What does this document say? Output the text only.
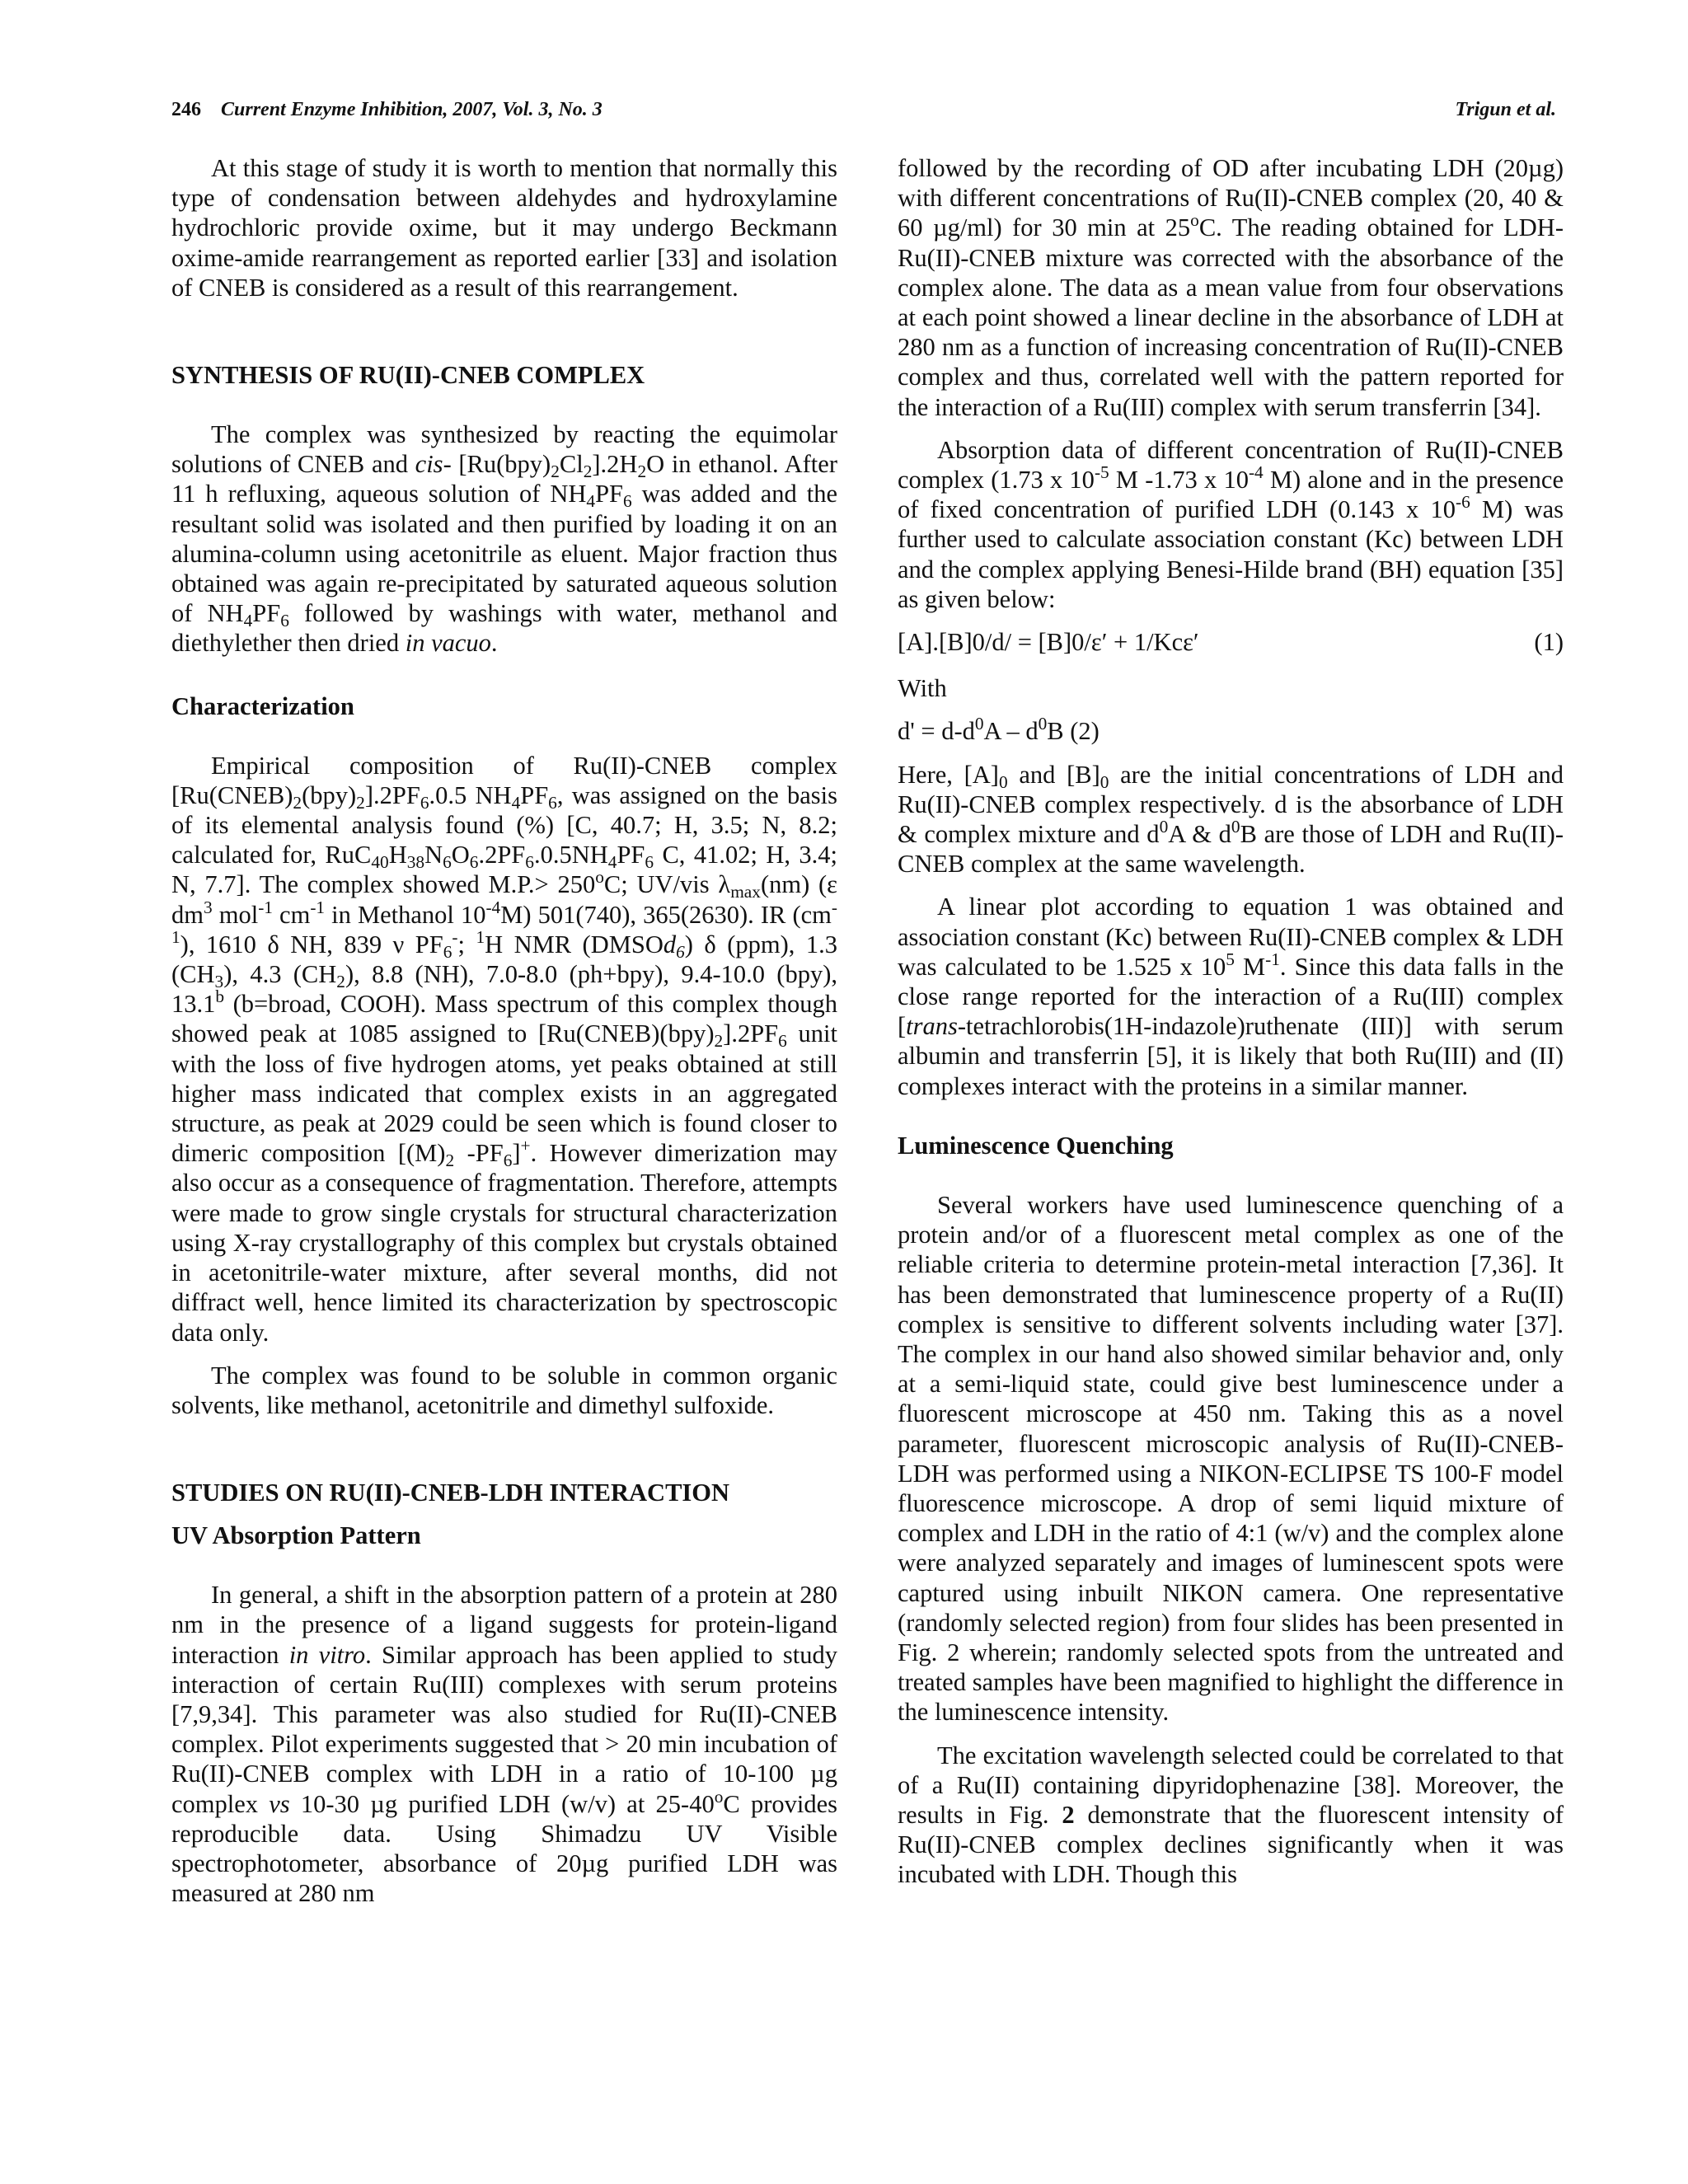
246 Current Enzyme Inhibition, 2007, Vol. 3, No. 3	Trigun et al.

At this stage of study it is worth to mention that normally this type of condensation between aldehydes and hydroxylamine hydrochloric provide oxime, but it may undergo Beckmann oxime-amide rearrangement as reported earlier [33] and isolation of CNEB is considered as a result of this rearrangement.

SYNTHESIS OF RU(II)-CNEB COMPLEX

The complex was synthesized by reacting the equimolar solutions of CNEB and cis- $[Ru(bpy)_2Cl_2].2H_2O$ in ethanol. After 11 h refluxing, aqueous solution of $NH_4PF_6$ was added and the resultant solid was isolated and then purified by loading it on an alumina-column using acetonitrile as eluent. Major fraction thus obtained was again re-precipitated by saturated aqueous solution of $NH_4PF_6$ followed by washings with water, methanol and diethylether then dried in vacuo.

Characterization

Empirical composition of Ru(II)-CNEB complex $[Ru(CNEB)_2(bpy)_2].2PF_6.0.5$ $NH_4PF_6$, was assigned on the basis of its elemental analysis found (%) [C, 40.7; H, 3.5; N, 8.2; calculated for, $RuC_{40}H_{38}N_6O_6.2PF_6.0.5NH_4PF_6$ C, 41.02; H, 3.4; N, 7.7]. The complex showed $M.P.> 250^oC$; UV/vis $\lambda_{max}(nm)$ (ε $dm^3$ mol$^{-1}$ $cm^{-1}$ in Methanol $10^{-4}M$) 501(740), 365(2630). IR $(cm^{-1})$, 1610 δ NH, 839 ν $PF_6^-$; $^1$H NMR (DMSOd$_6$) δ (ppm), 1.3 $(CH_3)$, 4.3 $(CH_2)$, 8.8 (NH), 7.0-8.0 (ph+bpy), 9.4-10.0 (bpy), 13.1$^b$ (b=broad, COOH). Mass spectrum of this complex though showed peak at 1085 assigned to $[Ru(CNEB)(bpy)_2].2PF_6$ unit with the loss of five hydrogen atoms, yet peaks obtained at still higher mass indicated that complex exists in an aggregated structure, as peak at 2029 could be seen which is found closer to dimeric composition [$(M)_2$ $-PF_6]^+$. However dimerization may also occur as a consequence of fragmentation. Therefore, attempts were made to grow single crystals for structural characterization using X-ray crystallography of this complex but crystals obtained in acetonitrile-water mixture, after several months, did not diffract well, hence limited its characterization by spectroscopic data only.

The complex was found to be soluble in common organic solvents, like methanol, acetonitrile and dimethyl sulfoxide.

STUDIES ON RU(II)-CNEB-LDH INTERACTION
UV Absorption Pattern

In general, a shift in the absorption pattern of a protein at 280 nm in the presence of a ligand suggests for protein-ligand interaction in vitro. Similar approach has been applied to study interaction of certain Ru(III) complexes with serum proteins [7,9,34]. This parameter was also studied for Ru(II)-CNEB complex. Pilot experiments suggested that > 20 min incubation of Ru(II)-CNEB complex with LDH in a ratio of 10-100 µg complex vs 10-30 µg purified LDH (w/v) at 25-40$^o$C provides reproducible data. Using Shimadzu UV Visible spectrophotometer, absorbance of 20µg purified LDH was measured at 280 nm

followed by the recording of OD after incubating LDH (20µg) with different concentrations of Ru(II)-CNEB complex (20, 40 & 60 µg/ml) for 30 min at 25$^o$C. The reading obtained for LDH-Ru(II)-CNEB mixture was corrected with the absorbance of the complex alone. The data as a mean value from four observations at each point showed a linear decline in the absorbance of LDH at 280 nm as a function of increasing concentration of Ru(II)-CNEB complex and thus, correlated well with the pattern reported for the interaction of a Ru(III) complex with serum transferrin [34].

Absorption data of different concentration of Ru(II)-CNEB complex (1.73 x $10^{-5}$ M -1.73 x $10^{-4}$ M) alone and in the presence of fixed concentration of purified LDH (0.143 x $10^{-6}$ M) was further used to calculate association constant (Kc) between LDH and the complex applying Benesi-Hilde brand (BH) equation [35] as given below:

[A].[B]0/d/ = [B]0/ε′ + 1/Kcε′	(1)

With

$d' = d-d^0A - d^0B$ (2)

Here, $[A]_0$ and $[B]_0$ are the initial concentrations of LDH and Ru(II)-CNEB complex respectively. d is the absorbance of LDH & complex mixture and $d^0A$ & $d^0B$ are those of LDH and Ru(II)-CNEB complex at the same wavelength.

A linear plot according to equation 1 was obtained and association constant (Kc) between Ru(II)-CNEB complex & LDH was calculated to be 1.525 x $10^5$ $M^{-1}$. Since this data falls in the close range reported for the interaction of a Ru(III) complex [trans-tetrachlorobis(1H-indazole)ruthenate (III)] with serum albumin and transferrin [5], it is likely that both Ru(III) and (II) complexes interact with the proteins in a similar manner.

Luminescence Quenching

Several workers have used luminescence quenching of a protein and/or of a fluorescent metal complex as one of the reliable criteria to determine protein-metal interaction [7,36]. It has been demonstrated that luminescence property of a Ru(II) complex is sensitive to different solvents including water [37]. The complex in our hand also showed similar behavior and, only at a semi-liquid state, could give best luminescence under a fluorescent microscope at 450 nm. Taking this as a novel parameter, fluorescent microscopic analysis of Ru(II)-CNEB-LDH was performed using a NIKON-ECLIPSE TS 100-F model fluorescence microscope. A drop of semi liquid mixture of complex and LDH in the ratio of 4:1 (w/v) and the complex alone were analyzed separately and images of luminescent spots were captured using inbuilt NIKON camera. One representative (randomly selected region) from four slides has been presented in Fig. 2 wherein; randomly selected spots from the untreated and treated samples have been magnified to highlight the difference in the luminescence intensity.

The excitation wavelength selected could be correlated to that of a Ru(II) containing dipyridophenazine [38]. Moreover, the results in Fig. 2 demonstrate that the fluorescent intensity of Ru(II)-CNEB complex declines significantly when it was incubated with LDH. Though this
